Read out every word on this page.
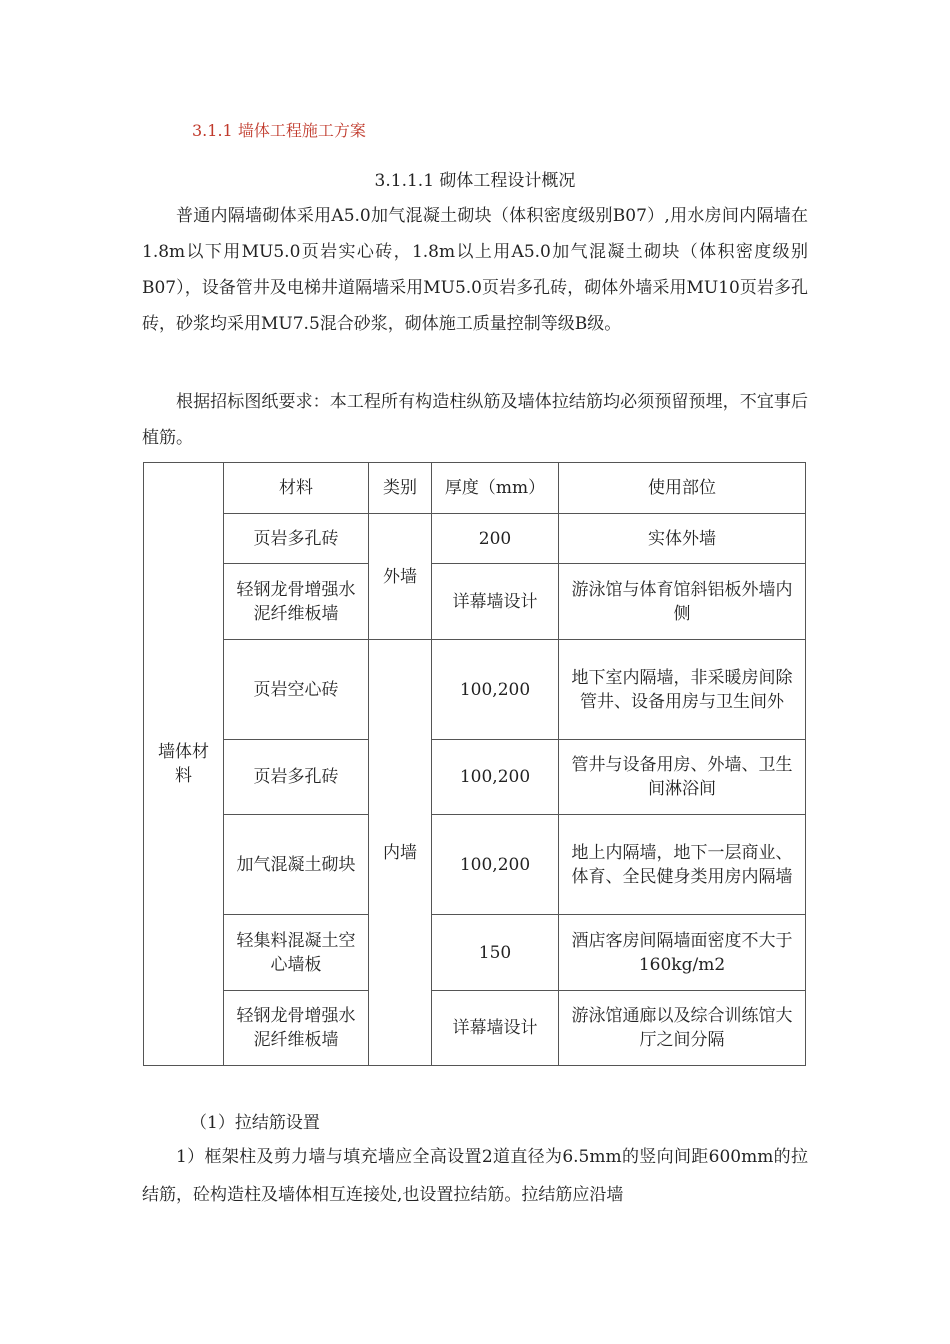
3.1.1 墙体工程施工方案
3.1.1.1 砌体工程设计概况

普通内隔墙砌体采用A5.0加气混凝土砌块（体积密度级别B07）,用水房间内隔墙在1.8m以下用MU5.0页岩实心砖，1.8m以上用A5.0加气混凝土砌块（体积密度级别B07），设备管井及电梯井道隔墙采用MU5.0页岩多孔砖，砌体外墙采用MU10页岩多孔砖，砂浆均采用MU7.5混合砂浆，砌体施工质量控制等级B级。

根据招标图纸要求：本工程所有构造柱纵筋及墙体拉结筋均必须预留预埋，不宜事后植筋。

墙体材料	材料	类别	厚度（mm）	使用部位
	页岩多孔砖	外墙	200	实体外墙
	轻钢龙骨增强水泥纤维板墙		详幕墙设计	游泳馆与体育馆斜铝板外墙内侧
	页岩空心砖	内墙	100,200	地下室内隔墙，非采暖房间除管井、设备用房与卫生间外
	页岩多孔砖		100,200	管井与设备用房、外墙、卫生间淋浴间
	加气混凝土砌块		100,200	地上内隔墙，地下一层商业、体育、全民健身类用房内隔墙
	轻集料混凝土空心墙板		150	酒店客房间隔墙面密度不大于160kg/m2
	轻钢龙骨增强水泥纤维板墙		详幕墙设计	游泳馆通廊以及综合训练馆大厅之间分隔
（1）拉结筋设置

1）框架柱及剪力墙与填充墙应全高设置2道直径为6.5mm的竖向间距600mm的拉结筋，砼构造柱及墙体相互连接处,也设置拉结筋。拉结筋应沿墙
